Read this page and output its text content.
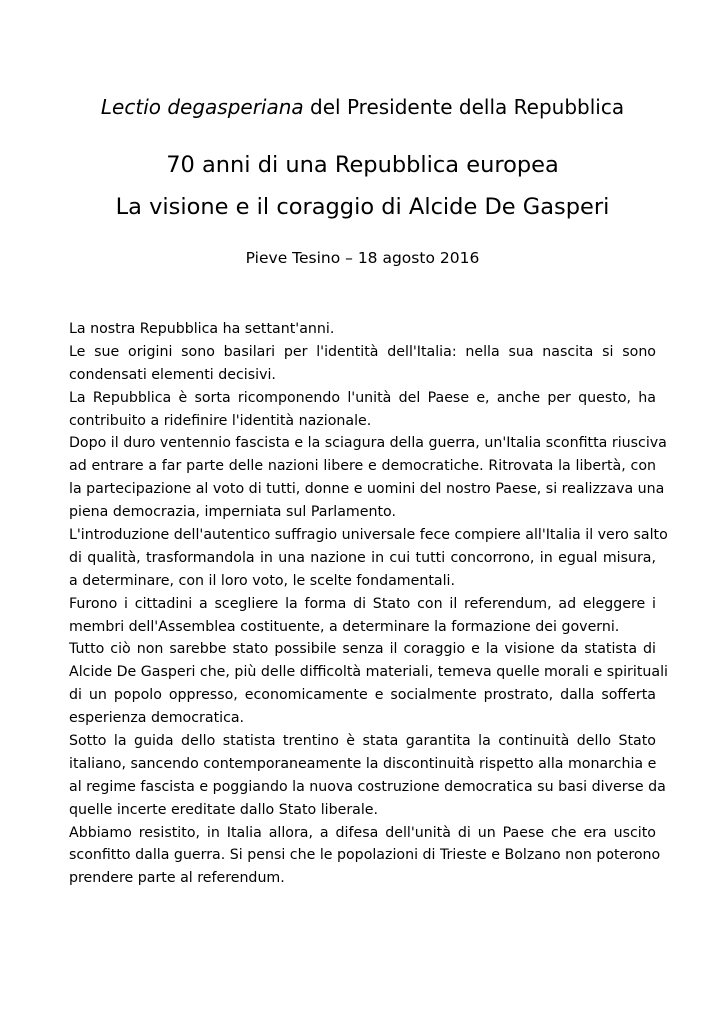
Lectio degasperiana del Presidente della Repubblica
70 anni di una Repubblica europea
La visione e il coraggio di Alcide De Gasperi
Pieve Tesino – 18 agosto 2016
La nostra Repubblica ha settant'anni.
Le sue origini sono basilari per l'identità dell'Italia: nella sua nascita si sono
condensati elementi decisivi.
La Repubblica è sorta ricomponendo l'unità del Paese e, anche per questo, ha
contribuito a ridefinire l'identità nazionale.
Dopo il duro ventennio fascista e la sciagura della guerra, un'Italia sconfitta riusciva
ad entrare a far parte delle nazioni libere e democratiche. Ritrovata la libertà, con
la partecipazione al voto di tutti, donne e uomini del nostro Paese, si realizzava una
piena democrazia, imperniata sul Parlamento.
L'introduzione dell'autentico suffragio universale fece compiere all'Italia il vero salto
di qualità, trasformandola in una nazione in cui tutti concorrono, in egual misura,
a determinare, con il loro voto, le scelte fondamentali.
Furono i cittadini a scegliere la forma di Stato con il referendum, ad eleggere i
membri dell'Assemblea costituente, a determinare la formazione dei governi.
Tutto ciò non sarebbe stato possibile senza il coraggio e la visione da statista di
Alcide De Gasperi che, più delle difficoltà materiali, temeva quelle morali e spirituali
di un popolo oppresso, economicamente e socialmente prostrato, dalla sofferta
esperienza democratica.
Sotto la guida dello statista trentino è stata garantita la continuità dello Stato
italiano, sancendo contemporaneamente la discontinuità rispetto alla monarchia e
al regime fascista e poggiando la nuova costruzione democratica su basi diverse da
quelle incerte ereditate dallo Stato liberale.
Abbiamo resistito, in Italia allora, a difesa dell'unità di un Paese che era uscito
sconfitto dalla guerra. Si pensi che le popolazioni di Trieste e Bolzano non poterono
prendere parte al referendum.
